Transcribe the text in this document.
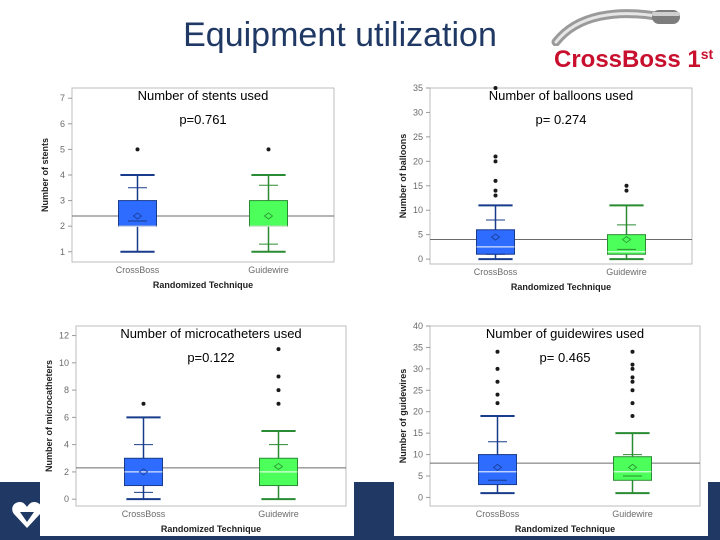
Equipment utilization
CrossBoss 1st
1
2
3
4
5
6
7
Number of stents
Randomized Technique
CrossBoss	Guidewire
Number of stents used
p=0.761
0
5
10
15
20
25
30
35
Number of balloons
Randomized Technique
CrossBoss	Guidewire
Number of balloons used
p= 0.274
0
2
4
6
8
10
12
Number of microcatheters
Randomized Technique
CrossBoss	Guidewire
Number of microcatheters used
p=0.122
0
5
10
15
20
25
30
35
40
Number of guidewires
Randomized Technique
CrossBoss	Guidewire
Number of guidewires used
p= 0.465
